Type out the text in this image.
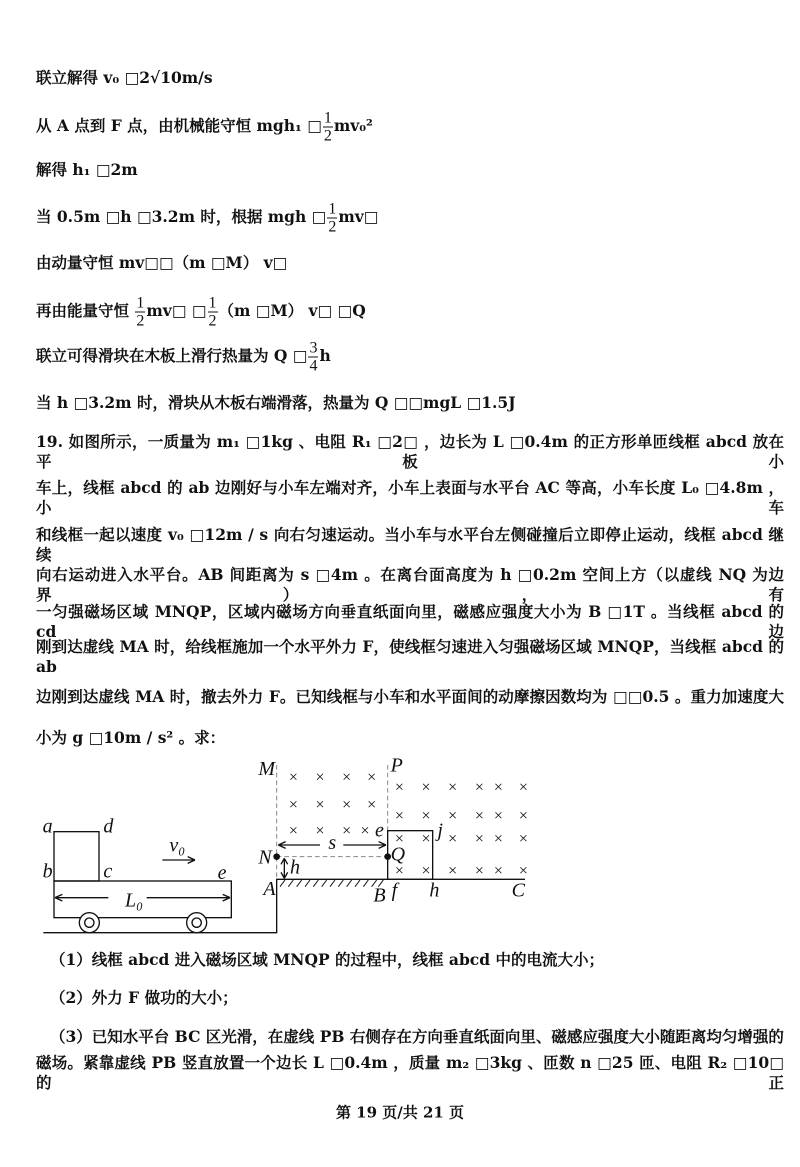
联立解得 v₀ □2√10m/s
从 A 点到 F 点，由机械能守恒 mgh₁ □ $\frac{1}{2} mv_0^2$
解得 h₁ □2m
当 0.5m □h □3.2m 时，根据 mgh □ $\frac{1}{2}$ mv□
由动量守恒 mv□□（m □M） v□
再由能量守恒 $\frac{1}{2}$ mv□ □ $\frac{1}{2} (m$ □M） v□ □Q
联立可得滑块在木板上滑行热量为 Q □ $\frac{3}{4}$ h
当 h □3.2m 时，滑块从木板右端滑落，热量为 Q □□mgL □1.5J
19. 如图所示，一质量为 m₁ □1kg 、电阻 R₁ □2□ ，边长为 L □0.4m 的正方形单匝线框 abcd 放在平板小
车上，线框 abcd 的 ab 边刚好与小车左端对齐，小车上表面与水平台 AC 等高，小车长度 L₀ □4.8m ，小车
和线框一起以速度 v₀ □12m / s 向右匀速运动。当小车与水平台左侧碰撞后立即停止运动，线框 abcd 继续
向右运动进入水平台。AB 间距离为 s □4m 。在离台面高度为 h □0.2m 空间上方（以虚线 NQ 为边界），有
一匀强磁场区域 MNQP，区域内磁场方向垂直纸面向里，磁感应强度大小为 B □1T 。当线框 abcd 的 cd 边
刚到达虚线 MA 时，给线框施加一个水平外力 F，使线框匀速进入匀强磁场区域 MNQP，当线框 abcd 的 ab
边刚到达虚线 MA 时，撤去外力 F。已知线框与小车和水平面间的动摩擦因数均为 □□0.5 。重力加速度大
小为 g □10m / s² 。求：
× × × ×
× × × ×
× × × ×
× × × × × ×
× × × × × ×
× × × × × ×
× × × × × ×
M P
a d
b c e
N Q
A B f h C
j
e
s
h
v₀
L₀
（1）线框 abcd 进入磁场区域 MNQP 的过程中，线框 abcd 中的电流大小；
（2）外力 F 做功的大小；
（3）已知水平台 BC 区光滑，在虚线 PB 右侧存在方向垂直纸面向里、磁感应强度大小随距离均匀增强的
磁场。紧靠虚线 PB 竖直放置一个边长 L □0.4m ，质量 m₂ □3kg 、匝数 n □25 匝、电阻 R₂ □10□ 的正
第 19 页/共 21 页
